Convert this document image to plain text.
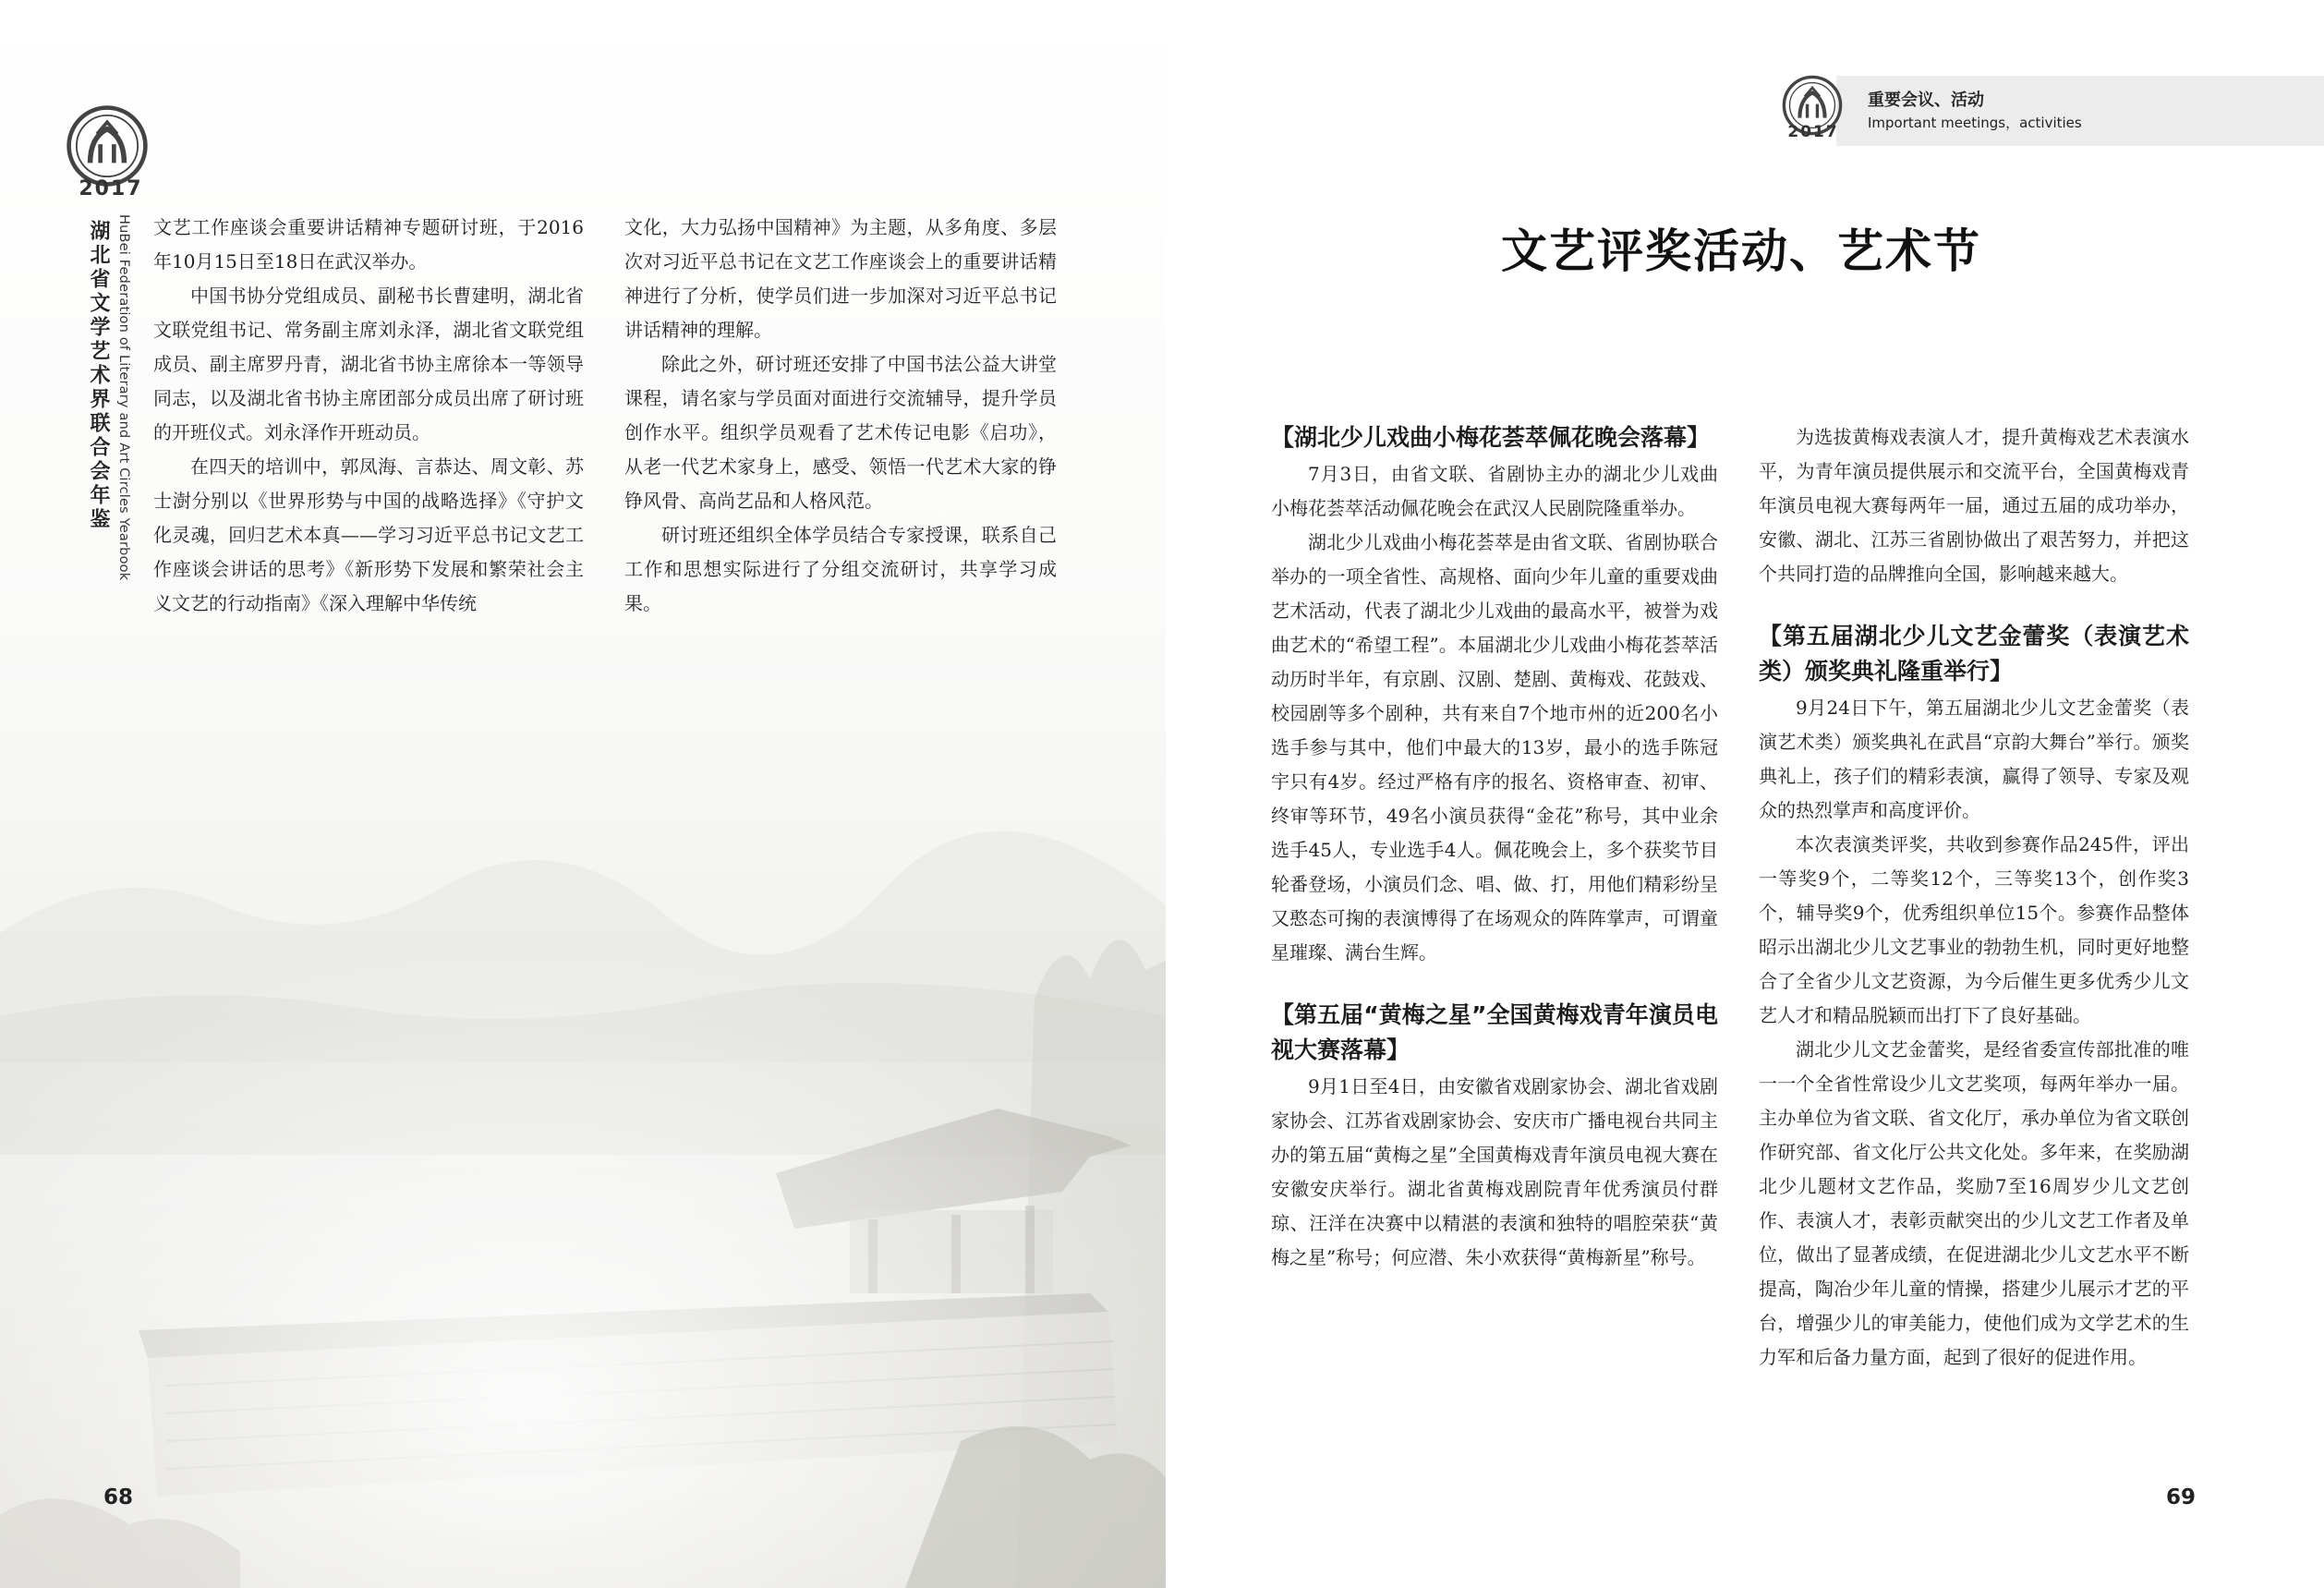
2017
湖北省文学艺术界联合会年鉴 HuBei Federation of Literary and Art Circles Yearbook 文艺工作座谈会重要讲话精神专题研讨班，于2016年10月15日至18日在武汉举办。

中国书协分党组成员、副秘书长曹建明，湖北省文联党组书记、常务副主席刘永泽，湖北省文联党组成员、副主席罗丹青，湖北省书协主席徐本一等领导同志，以及湖北省书协主席团部分成员出席了研讨班的开班仪式。刘永泽作开班动员。

在四天的培训中，郭凤海、言恭达、周文彰、苏士澍分别以《世界形势与中国的战略选择》《守护文化灵魂，回归艺术本真——学习习近平总书记文艺工作座谈会讲话的思考》《新形势下发展和繁荣社会主义文艺的行动指南》《深入理解中华传统

文化，大力弘扬中国精神》为主题，从多角度、多层次对习近平总书记在文艺工作座谈会上的重要讲话精神进行了分析，使学员们进一步加深对习近平总书记讲话精神的理解。

除此之外，研讨班还安排了中国书法公益大讲堂课程，请名家与学员面对面进行交流辅导，提升学员创作水平。组织学员观看了艺术传记电影《启功》，从老一代艺术家身上，感受、领悟一代艺术大家的铮铮风骨、高尚艺品和人格风范。

研讨班还组织全体学员结合专家授课，联系自己工作和思想实际进行了分组交流研讨，共享学习成果。

68
2017
重要会议、活动
Important meetings，activities
文艺评奖活动、艺术节
【湖北少儿戏曲小梅花荟萃佩花晚会落幕】

7月3日，由省文联、省剧协主办的湖北少儿戏曲小梅花荟萃活动佩花晚会在武汉人民剧院隆重举办。

湖北少儿戏曲小梅花荟萃是由省文联、省剧协联合举办的一项全省性、高规格、面向少年儿童的重要戏曲艺术活动，代表了湖北少儿戏曲的最高水平，被誉为戏曲艺术的“希望工程”。本届湖北少儿戏曲小梅花荟萃活动历时半年，有京剧、汉剧、楚剧、黄梅戏、花鼓戏、校园剧等多个剧种，共有来自7个地市州的近200名小选手参与其中，他们中最大的13岁，最小的选手陈冠宇只有4岁。经过严格有序的报名、资格审查、初审、终审等环节，49名小演员获得“金花”称号，其中业余选手45人，专业选手4人。佩花晚会上，多个获奖节目轮番登场，小演员们念、唱、做、打，用他们精彩纷呈又憨态可掬的表演博得了在场观众的阵阵掌声，可谓童星璀璨、满台生辉。

【第五届“黄梅之星”全国黄梅戏青年演员电视大赛落幕】

9月1日至4日，由安徽省戏剧家协会、湖北省戏剧家协会、江苏省戏剧家协会、安庆市广播电视台共同主办的第五届“黄梅之星”全国黄梅戏青年演员电视大赛在安徽安庆举行。湖北省黄梅戏剧院青年优秀演员付群琼、汪洋在决赛中以精湛的表演和独特的唱腔荣获“黄梅之星”称号；何应潜、朱小欢获得“黄梅新星”称号。

为选拔黄梅戏表演人才，提升黄梅戏艺术表演水平，为青年演员提供展示和交流平台，全国黄梅戏青年演员电视大赛每两年一届，通过五届的成功举办，安徽、湖北、江苏三省剧协做出了艰苦努力，并把这个共同打造的品牌推向全国，影响越来越大。

【第五届湖北少儿文艺金蕾奖（表演艺术类）颁奖典礼隆重举行】

9月24日下午，第五届湖北少儿文艺金蕾奖（表演艺术类）颁奖典礼在武昌“京韵大舞台”举行。颁奖典礼上，孩子们的精彩表演，赢得了领导、专家及观众的热烈掌声和高度评价。

本次表演类评奖，共收到参赛作品245件，评出一等奖9个，二等奖12个，三等奖13个，创作奖3个，辅导奖9个，优秀组织单位15个。参赛作品整体昭示出湖北少儿文艺事业的勃勃生机，同时更好地整合了全省少儿文艺资源，为今后催生更多优秀少儿文艺人才和精品脱颖而出打下了良好基础。

湖北少儿文艺金蕾奖，是经省委宣传部批准的唯一一个全省性常设少儿文艺奖项，每两年举办一届。主办单位为省文联、省文化厅，承办单位为省文联创作研究部、省文化厅公共文化处。多年来，在奖励湖北少儿题材文艺作品，奖励7至16周岁少儿文艺创作、表演人才，表彰贡献突出的少儿文艺工作者及单位，做出了显著成绩，在促进湖北少儿文艺水平不断提高，陶冶少年儿童的情操，搭建少儿展示才艺的平台，增强少儿的审美能力，使他们成为文学艺术的生力军和后备力量方面，起到了很好的促进作用。

69
